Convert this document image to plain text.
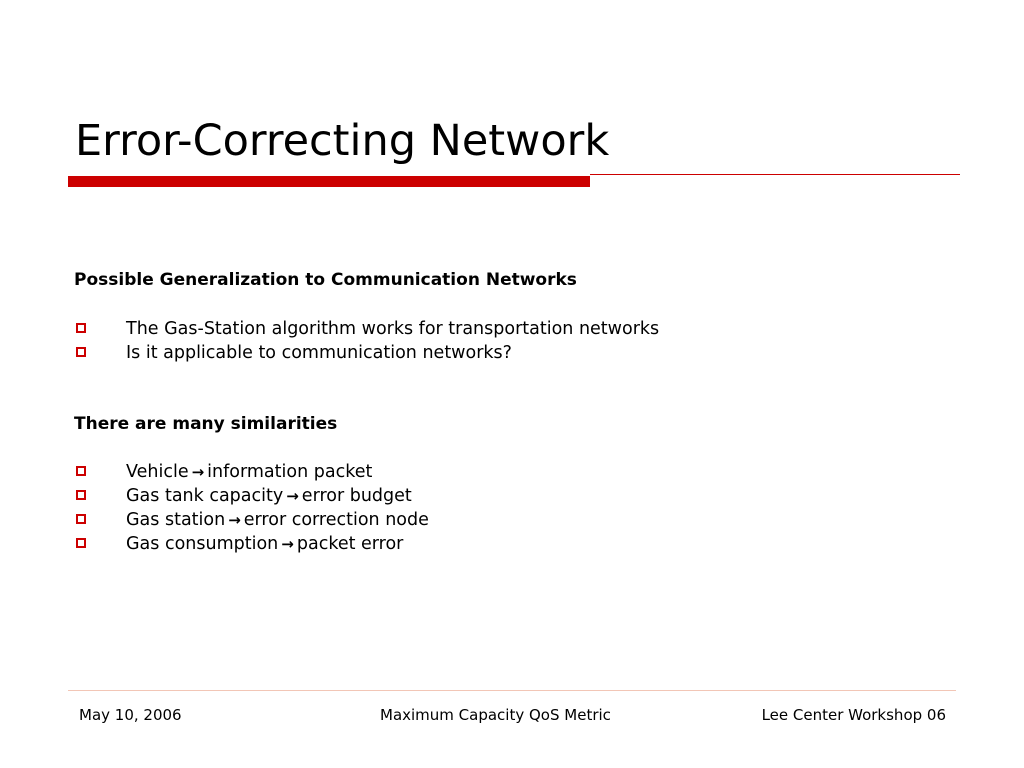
Error-Correcting Network
Possible Generalization to Communication Networks
The Gas-Station algorithm works for transportation networks
Is it applicable to communication networks?
There are many similarities
Vehicle → information packet
Gas tank capacity → error budget
Gas station → error correction node
Gas consumption → packet error
May 10, 2006	Maximum Capacity QoS Metric	Lee Center Workshop 06
